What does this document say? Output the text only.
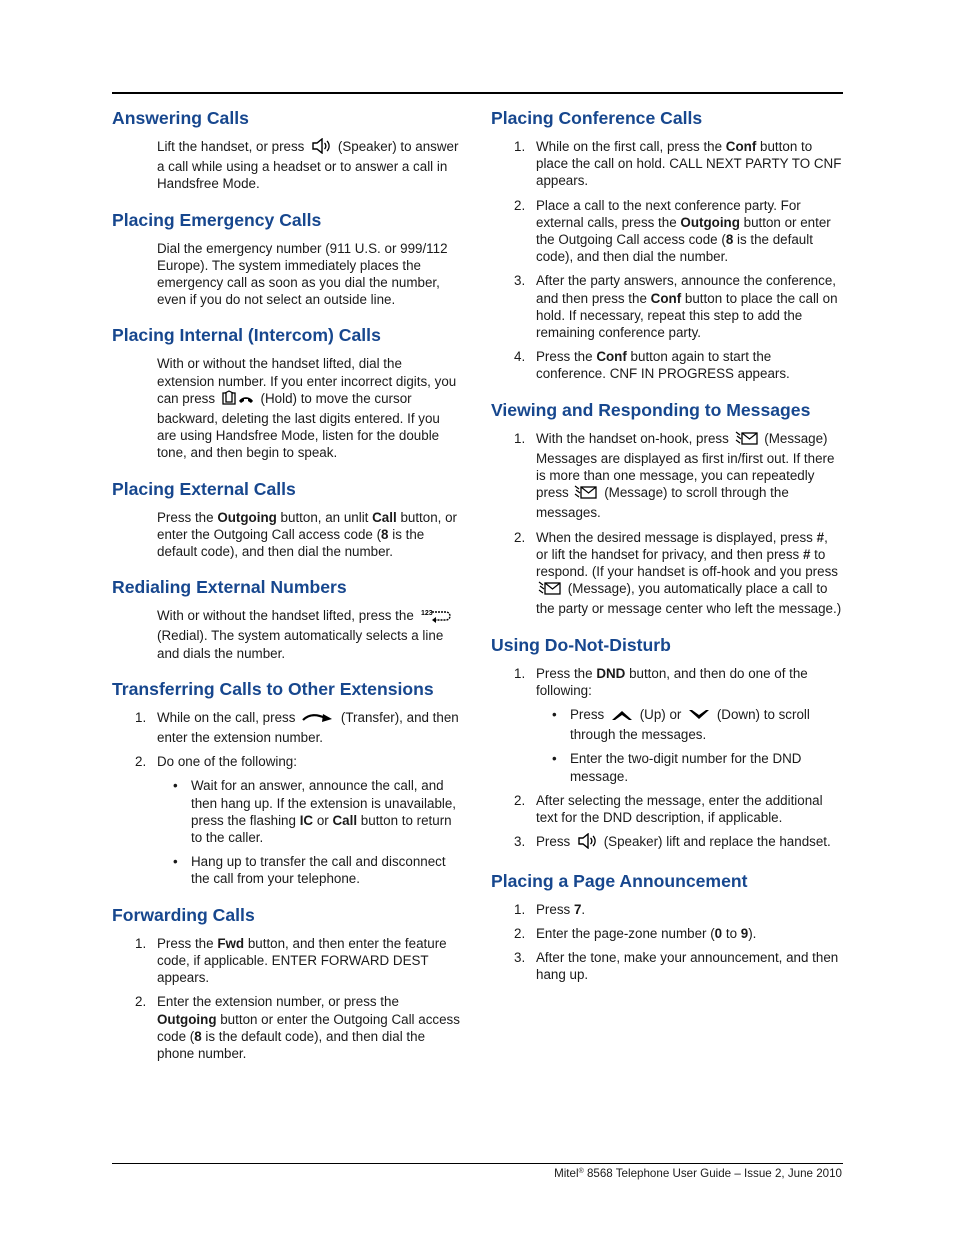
Answering Calls

Lift the handset, or press (Speaker) to answer a call while using a headset or to answer a call in Handsfree Mode.

Placing Emergency Calls

Dial the emergency number (911 U.S. or 999/112 Europe). The system immediately places the emergency call as soon as you dial the number, even if you do not select an outside line.

Placing Internal (Intercom) Calls

With or without the handset lifted, dial the extension number. If you enter incorrect digits, you can press	(Hold) to move the cursor backward, deleting the last digits entered. If you are using Handsfree Mode, listen for the double tone, and then begin to speak.

Placing External Calls

Press the Outgoing button, an unlit Call button, or enter the Outgoing Call access code (8 is the default code), and then dial the number.

Redialing External Numbers

With or without the handset lifted, press the 123
(Redial). The system automatically selects a line and dials the number.

Transferring Calls to Other Extensions
1. While on the call, press	(Transfer), and then enter the extension number.
2. Do one of the following:
• Wait for an answer, announce the call, and then hang up. If the extension is unavailable, press the flashing IC or Call button to return to the caller.
• Hang up to transfer the call and disconnect the call from your telephone.
Forwarding Calls
1. Press the Fwd button, and then enter the feature code, if applicable. ENTER FORWARD DEST appears.
2. Enter the extension number, or press the Outgoing button or enter the Outgoing Call access code (8 is the default code), and then dial the phone number.
Placing Conference Calls
1. While on the first call, press the Conf button to place the call on hold. CALL NEXT PARTY TO CNF appears.
2. Place a call to the next conference party. For external calls, press the Outgoing button or enter the Outgoing Call access code (8 is the default code), and then dial the number.
3. After the party answers, announce the conference, and then press the Conf button to place the call on hold. If necessary, repeat this step to add the remaining conference party.
4. Press the Conf button again to start the conference. CNF IN PROGRESS appears.
Viewing and Responding to Messages
1. With the handset on-hook, press	(Message) Messages are displayed as first in/first out. If there is more than one message, you can repeatedly press	(Message) to scroll through the messages.
2. When the desired message is displayed, press #, or lift the handset for privacy, and then press # to respond. (If your handset is off-hook and you press  (Message), you automatically place a call to the party or message center who left the message.)
Using Do-Not-Disturb
1. Press the DND button, and then do one of the following:
• Press	(Up) or	(Down) to scroll through the messages.
• Enter the two-digit number for the DND message.
2. After selecting the message, enter the additional text for the DND description, if applicable.
3. Press (Speaker) lift and replace the handset.
Placing a Page Announcement
1. Press 7.
2. Enter the page-zone number (0 to 9).
3. After the tone, make your announcement, and then hang up.
Mitel® 8568 Telephone User Guide – Issue 2, June 2010
